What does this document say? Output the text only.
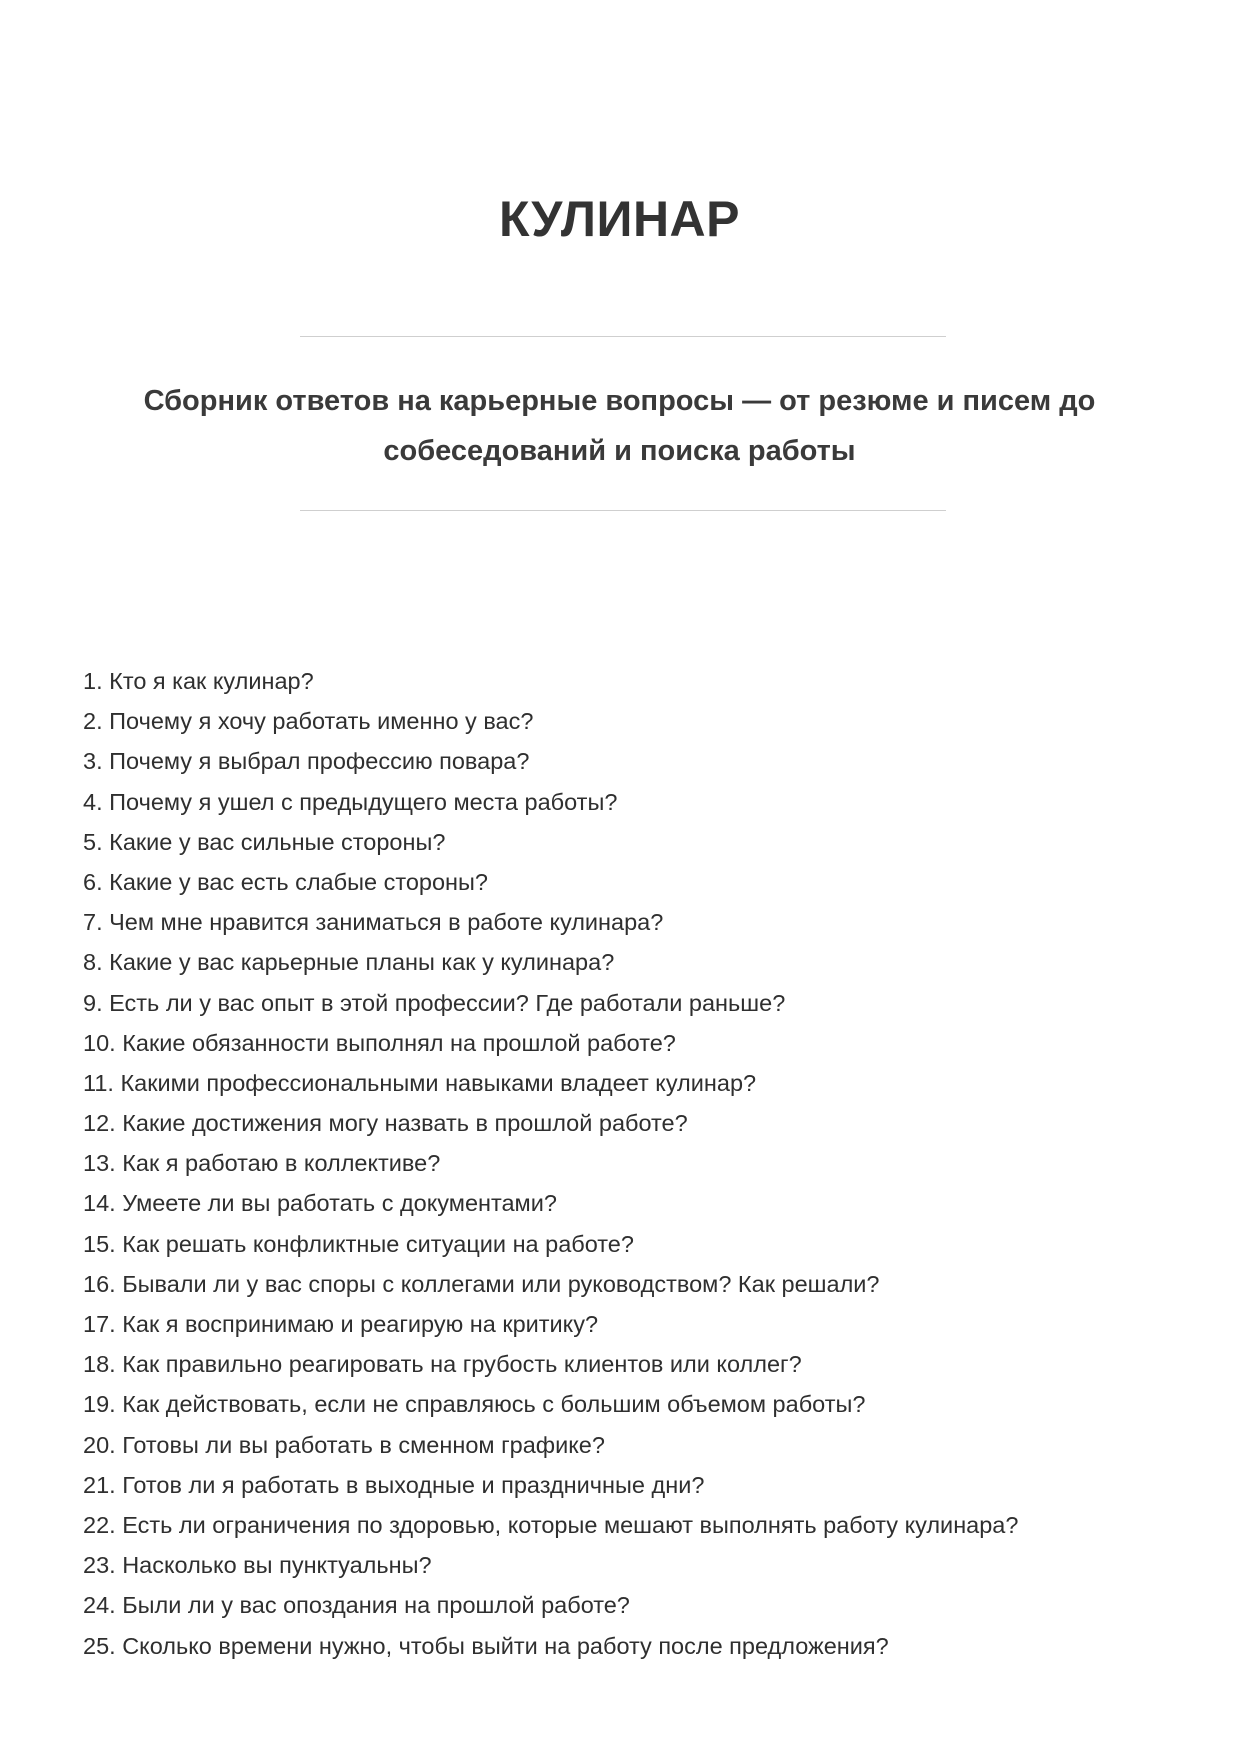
КУЛИНАР

Сборник ответов на карьерные вопросы — от резюме и писем до собеседований и поиска работы

1. Кто я как кулинар?
2. Почему я хочу работать именно у вас?
3. Почему я выбрал профессию повара?
4. Почему я ушел с предыдущего места работы?
5. Какие у вас сильные стороны?
6. Какие у вас есть слабые стороны?
7. Чем мне нравится заниматься в работе кулинара?
8. Какие у вас карьерные планы как у кулинара?
9. Есть ли у вас опыт в этой профессии? Где работали раньше?
10. Какие обязанности выполнял на прошлой работе?
11. Какими профессиональными навыками владеет кулинар?
12. Какие достижения могу назвать в прошлой работе?
13. Как я работаю в коллективе?
14. Умеете ли вы работать с документами?
15. Как решать конфликтные ситуации на работе?
16. Бывали ли у вас споры с коллегами или руководством? Как решали?
17. Как я воспринимаю и реагирую на критику?
18. Как правильно реагировать на грубость клиентов или коллег?
19. Как действовать, если не справляюсь с большим объемом работы?
20. Готовы ли вы работать в сменном графике?
21. Готов ли я работать в выходные и праздничные дни?
22. Есть ли ограничения по здоровью, которые мешают выполнять работу кулинара?
23. Насколько вы пунктуальны?
24. Были ли у вас опоздания на прошлой работе?
25. Сколько времени нужно, чтобы выйти на работу после предложения?
